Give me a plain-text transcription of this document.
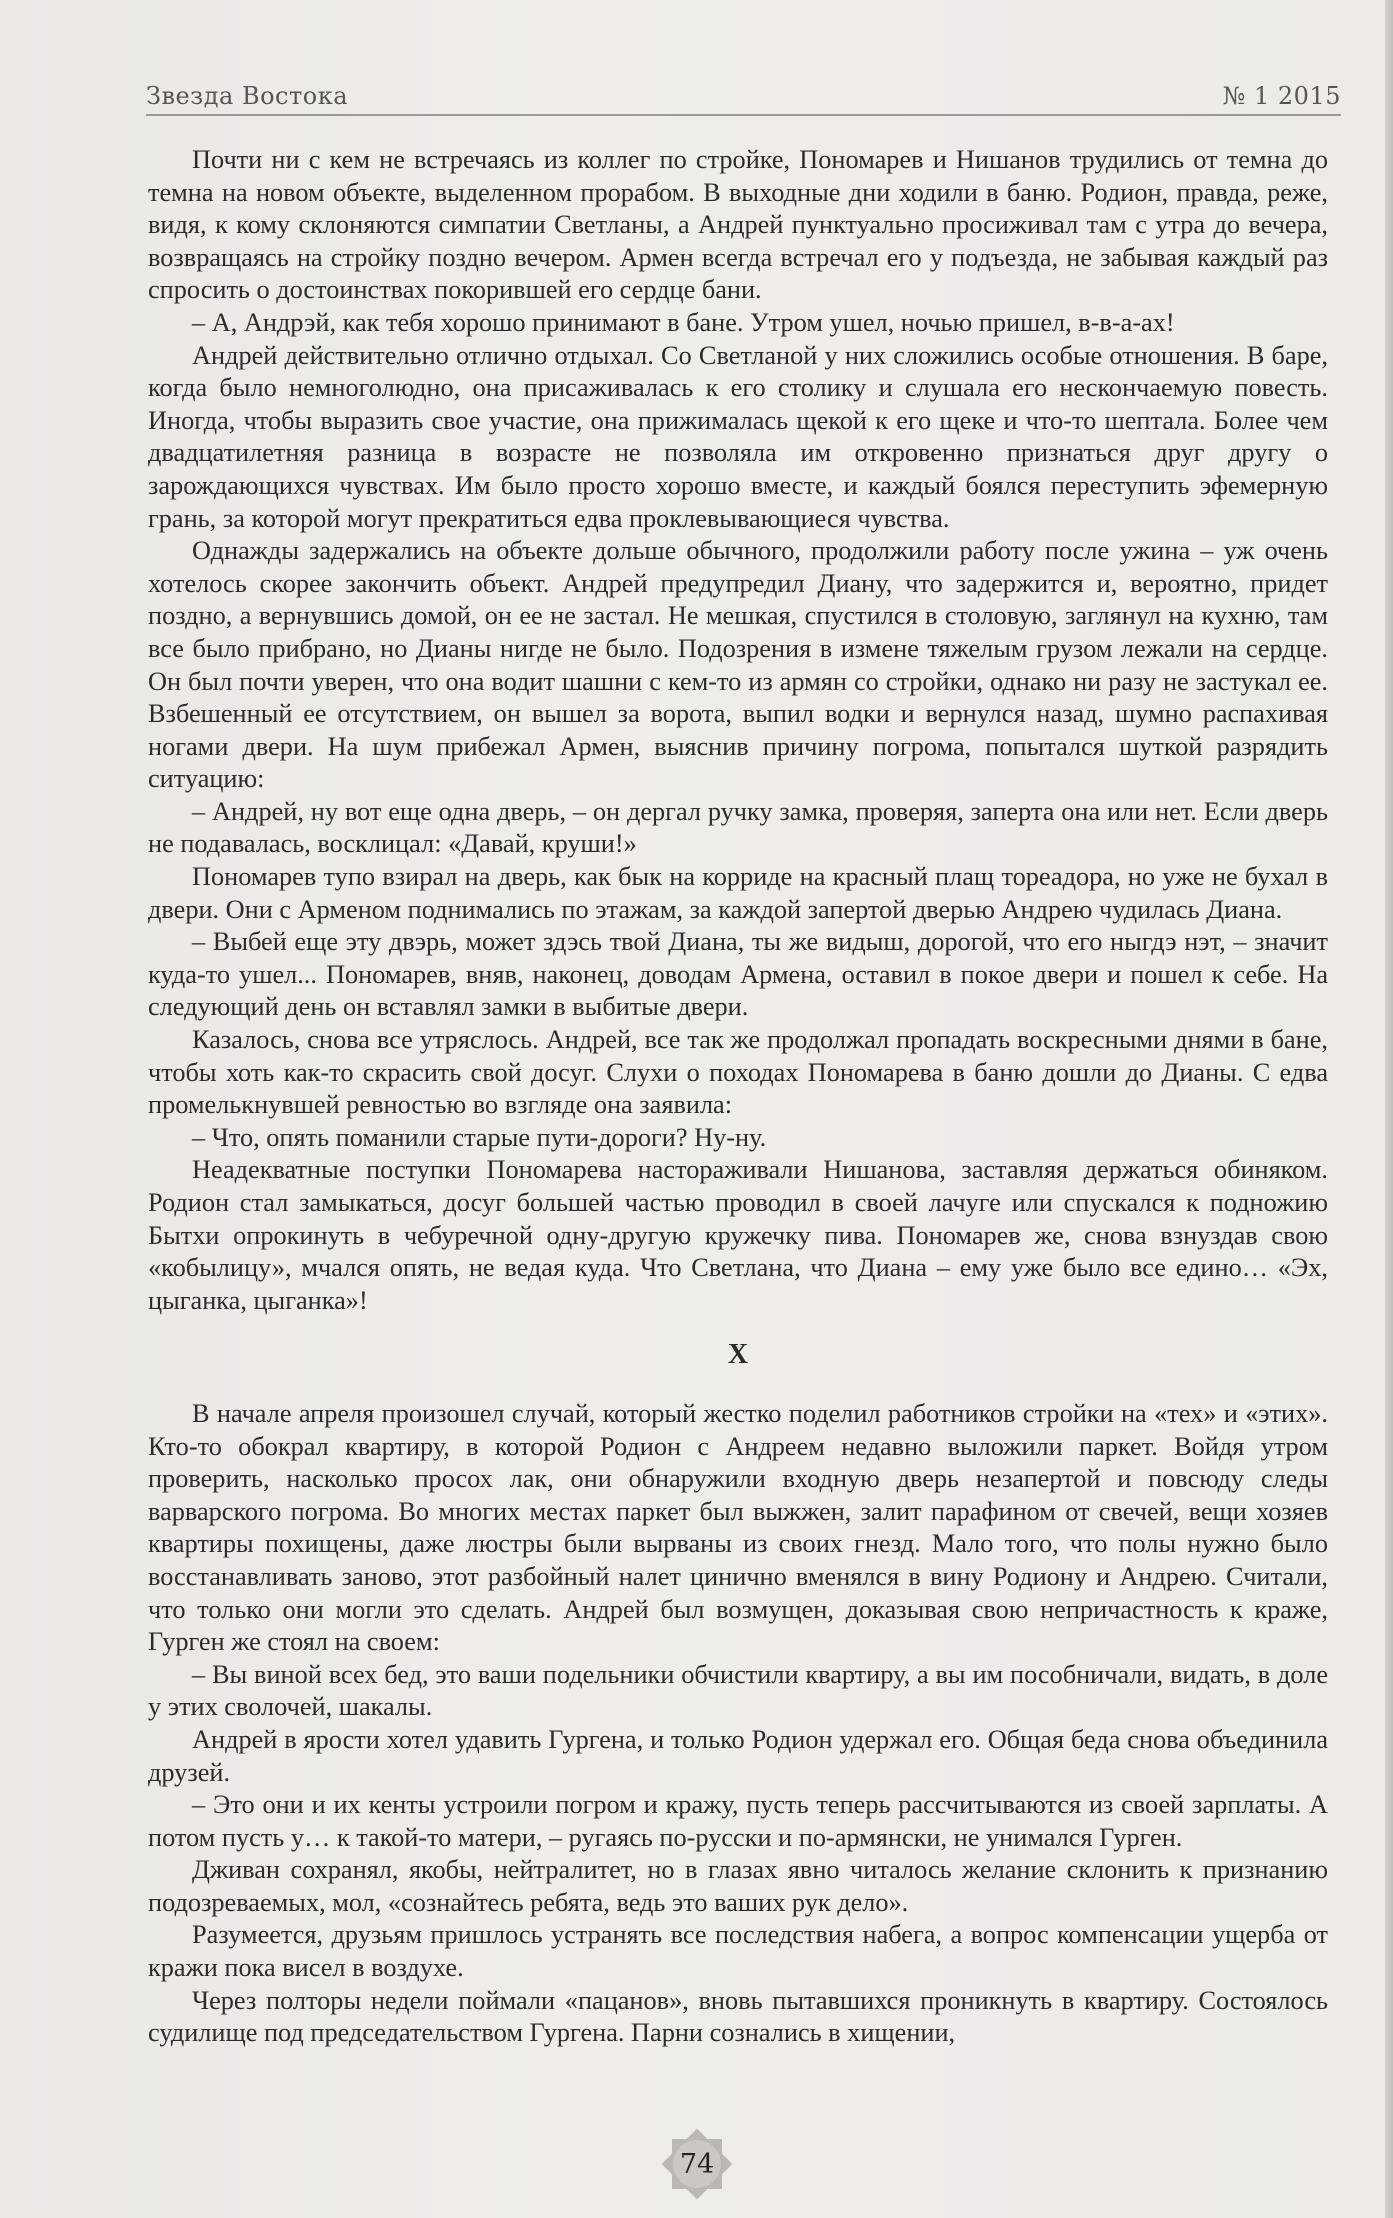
Звезда Востока	№ 1 2015

Почти ни с кем не встречаясь из коллег по стройке, Пономарев и Нишанов трудились от темна до темна на новом объекте, выделенном прорабом. В выходные дни ходили в баню. Родион, правда, реже, видя, к кому склоняются симпатии Светланы, а Андрей пунктуально просиживал там с утра до вечера, возвращаясь на стройку поздно вечером. Армен всегда встречал его у подъезда, не забывая каждый раз спросить о достоинствах покорившей его сердце бани.

– А, Андрэй, как тебя хорошо принимают в бане. Утром ушел, ночью пришел, в-в-а-ах!

Андрей действительно отлично отдыхал. Со Светланой у них сложились особые отношения. В баре, когда было немноголюдно, она присаживалась к его столику и слушала его нескончаемую повесть. Иногда, чтобы выразить свое участие, она прижималась щекой к его щеке и что-то шептала. Более чем двадцатилетняя разница в возрасте не позволяла им откровенно признаться друг другу о зарождающихся чувствах. Им было просто хорошо вместе, и каждый боялся переступить эфемерную грань, за которой могут прекратиться едва проклевывающиеся чувства.

Однажды задержались на объекте дольше обычного, продолжили работу после ужина – уж очень хотелось скорее закончить объект. Андрей предупредил Диану, что задержится и, вероятно, придет поздно, а вернувшись домой, он ее не застал. Не мешкая, спустился в столовую, заглянул на кухню, там все было прибрано, но Дианы нигде не было. Подозрения в измене тяжелым грузом лежали на сердце. Он был почти уверен, что она водит шашни с кем-то из армян со стройки, однако ни разу не застукал ее. Взбешенный ее отсутствием, он вышел за ворота, выпил водки и вернулся назад, шумно распахивая ногами двери. На шум прибежал Армен, выяснив причину погрома, попытался шуткой разрядить ситуацию:

– Андрей, ну вот еще одна дверь, – он дергал ручку замка, проверяя, заперта она или нет. Если дверь не подавалась, восклицал: «Давай, круши!»

Пономарев тупо взирал на дверь, как бык на корриде на красный плащ тореадора, но уже не бухал в двери. Они с Арменом поднимались по этажам, за каждой запертой дверью Андрею чудилась Диана.

– Выбей еще эту двэрь, может здэсь твой Диана, ты же видыш, дорогой, что его ныгдэ нэт, – значит куда-то ушел... Пономарев, вняв, наконец, доводам Армена, оставил в покое двери и пошел к себе. На следующий день он вставлял замки в выбитые двери.

Казалось, снова все утряслось. Андрей, все так же продолжал пропадать воскресными днями в бане, чтобы хоть как-то скрасить свой досуг. Слухи о походах Пономарева в баню дошли до Дианы. С едва промелькнувшей ревностью во взгляде она заявила:

– Что, опять поманили старые пути-дороги? Ну-ну.

Неадекватные поступки Пономарева настораживали Нишанова, заставляя держаться обиняком. Родион стал замыкаться, досуг большей частью проводил в своей лачуге или спускался к подножию Бытхи опрокинуть в чебуречной одну-другую кружечку пива. Пономарев же, снова взнуздав свою «кобылицу», мчался опять, не ведая куда. Что Светлана, что Диана – ему уже было все едино… «Эх, цыганка, цыганка»!

X

В начале апреля произошел случай, который жестко поделил работников стройки на «тех» и «этих». Кто-то обокрал квартиру, в которой Родион с Андреем недавно выложили паркет. Войдя утром проверить, насколько просох лак, они обнаружили входную дверь незапертой и повсюду следы варварского погрома. Во многих местах паркет был выжжен, залит парафином от свечей, вещи хозяев квартиры похищены, даже люстры были вырваны из своих гнезд. Мало того, что полы нужно было восстанавливать заново, этот разбойный налет цинично вменялся в вину Родиону и Андрею. Считали, что только они могли это сделать. Андрей был возмущен, доказывая свою непричастность к краже, Гурген же стоял на своем:

– Вы виной всех бед, это ваши подельники обчистили квартиру, а вы им пособничали, видать, в доле у этих сволочей, шакалы.

Андрей в ярости хотел удавить Гургена, и только Родион удержал его. Общая беда снова объединила друзей.

– Это они и их кенты устроили погром и кражу, пусть теперь рассчитываются из своей зарплаты. А потом пусть у… к такой-то матери, – ругаясь по-русски и по-армянски, не унимался Гурген.

Дживан сохранял, якобы, нейтралитет, но в глазах явно читалось желание склонить к признанию подозреваемых, мол, «сознайтесь ребята, ведь это ваших рук дело».

Разумеется, друзьям пришлось устранять все последствия набега, а вопрос компенсации ущерба от кражи пока висел в воздухе.

Через полторы недели поймали «пацанов», вновь пытавшихся проникнуть в квартиру. Состоялось судилище под председательством Гургена. Парни сознались в хищении,

74
